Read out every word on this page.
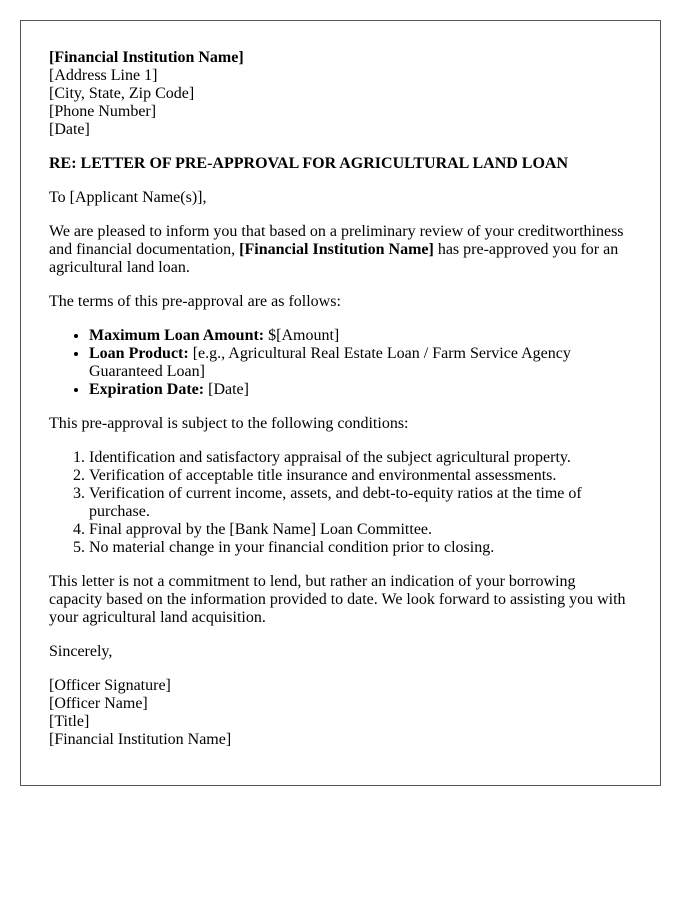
[Financial Institution Name]
[Address Line 1]
[City, State, Zip Code]
[Phone Number]
[Date]

RE: LETTER OF PRE-APPROVAL FOR AGRICULTURAL LAND LOAN

To [Applicant Name(s)],

We are pleased to inform you that based on a preliminary review of your creditworthiness and financial documentation, [Financial Institution Name] has pre-approved you for an agricultural land loan.

The terms of this pre-approval are as follows:

• Maximum Loan Amount: $[Amount]
• Loan Product: [e.g., Agricultural Real Estate Loan / Farm Service Agency Guaranteed Loan]
• Expiration Date: [Date]

This pre-approval is subject to the following conditions:

1. Identification and satisfactory appraisal of the subject agricultural property.
2. Verification of acceptable title insurance and environmental assessments.
3. Verification of current income, assets, and debt-to-equity ratios at the time of purchase.
4. Final approval by the [Bank Name] Loan Committee.
5. No material change in your financial condition prior to closing.

This letter is not a commitment to lend, but rather an indication of your borrowing capacity based on the information provided to date. We look forward to assisting you with your agricultural land acquisition.

Sincerely,

[Officer Signature]
[Officer Name]
[Title]
[Financial Institution Name]
